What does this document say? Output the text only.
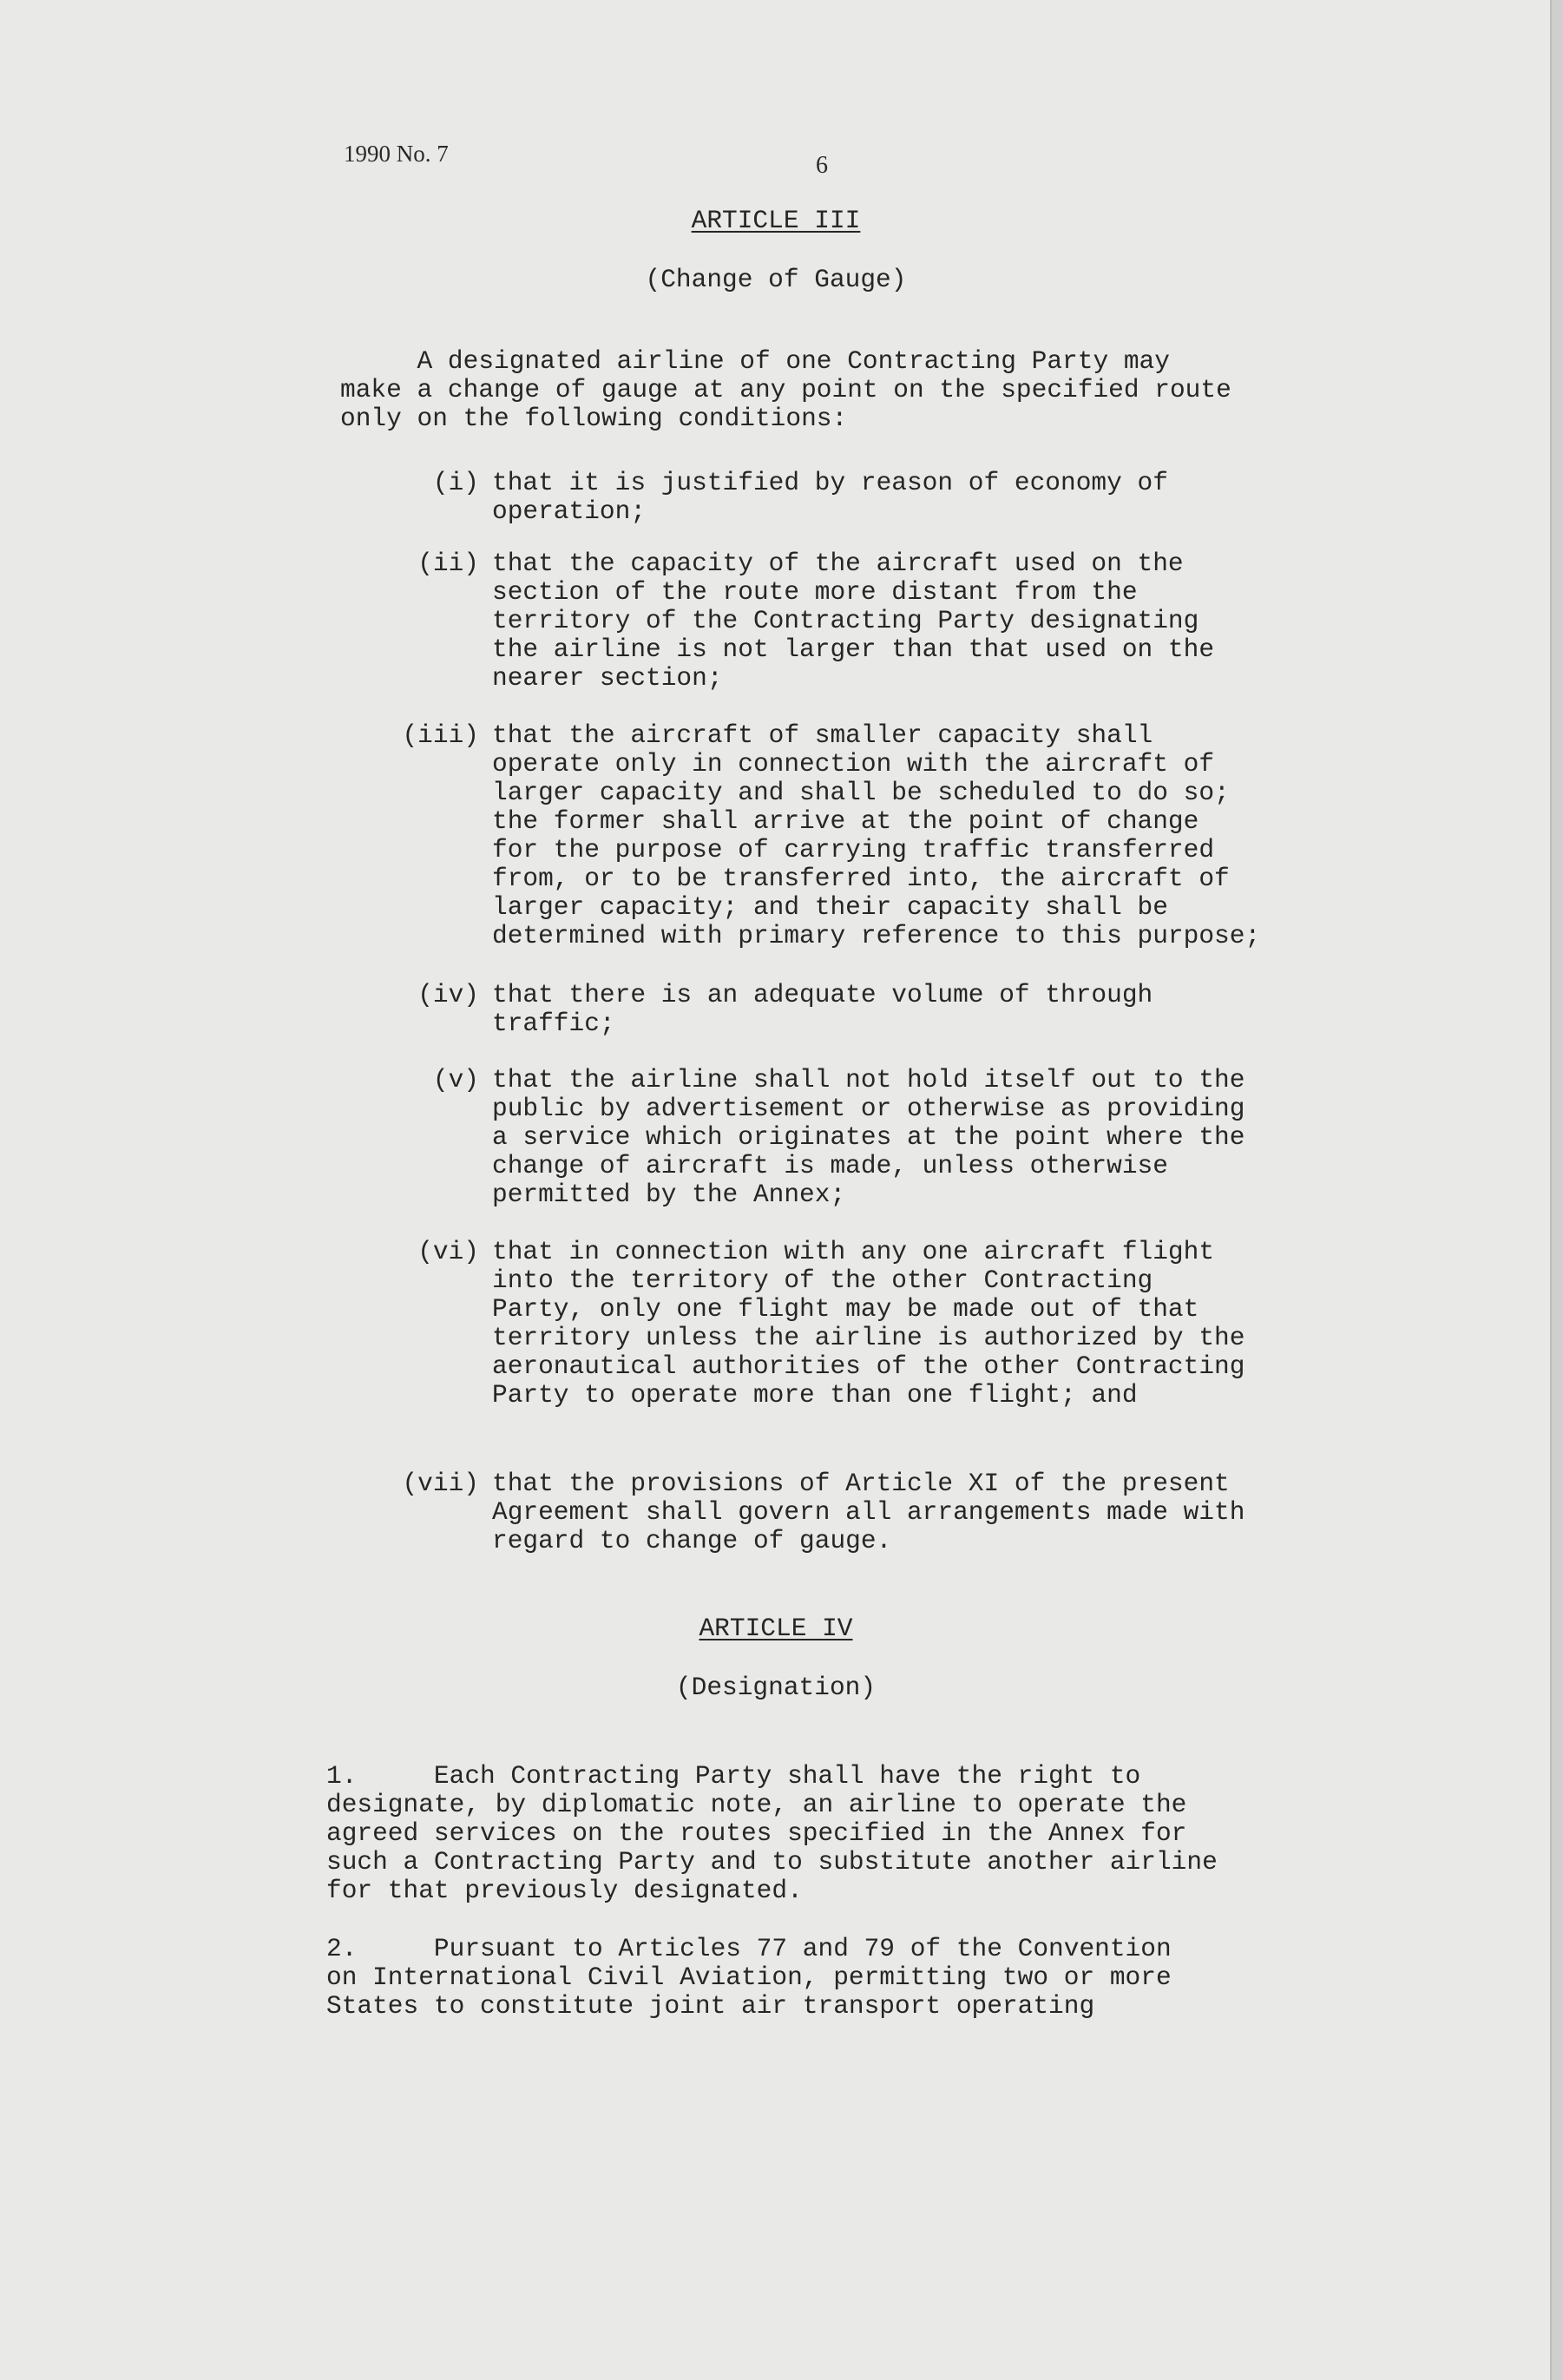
1990 No. 7	6
ARTICLE III
(Change of Gauge)
A designated airline of one Contracting Party may
make a change of gauge at any point on the specified route
only on the following conditions:
(i) that it is justified by reason of economy of
operation;
(ii) that the capacity of the aircraft used on the
section of the route more distant from the
territory of the Contracting Party designating
the airline is not larger than that used on the
nearer section;
(iii) that the aircraft of smaller capacity shall
operate only in connection with the aircraft of
larger capacity and shall be scheduled to do so;
the former shall arrive at the point of change
for the purpose of carrying traffic transferred
from, or to be transferred into, the aircraft of
larger capacity; and their capacity shall be
determined with primary reference to this purpose;
(iv) that there is an adequate volume of through
traffic;
(v) that the airline shall not hold itself out to the
public by advertisement or otherwise as providing
a service which originates at the point where the
change of aircraft is made, unless otherwise
permitted by the Annex;
(vi) that in connection with any one aircraft flight
into the territory of the other Contracting
Party, only one flight may be made out of that
territory unless the airline is authorized by the
aeronautical authorities of the other Contracting
Party to operate more than one flight; and
(vii) that the provisions of Article XI of the present
Agreement shall govern all arrangements made with
regard to change of gauge.
ARTICLE IV
(Designation)
1.     Each Contracting Party shall have the right to
designate, by diplomatic note, an airline to operate the
agreed services on the routes specified in the Annex for
such a Contracting Party and to substitute another airline
for that previously designated.
2.     Pursuant to Articles 77 and 79 of the Convention
on International Civil Aviation, permitting two or more
States to constitute joint air transport operating
